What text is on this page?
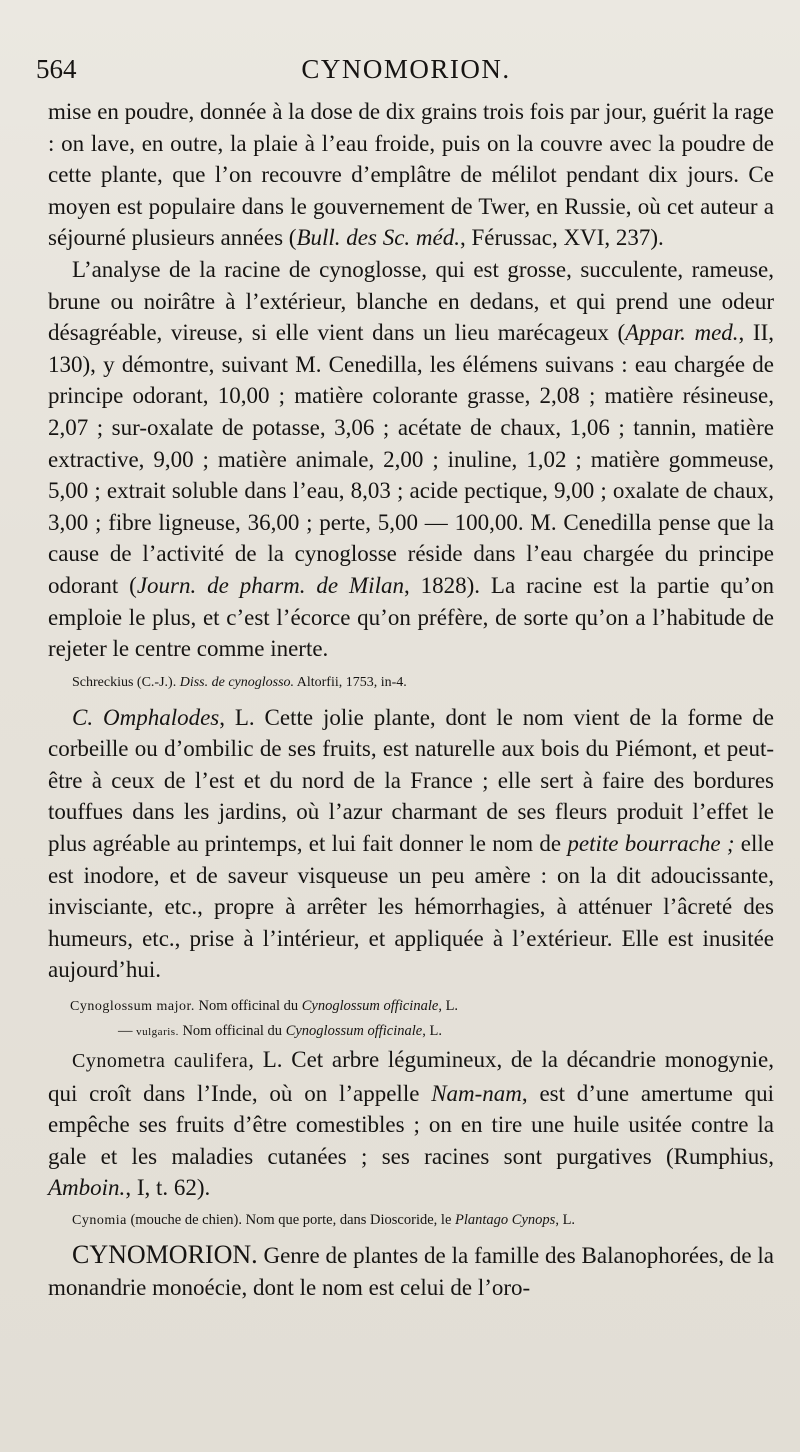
564	CYNOMORION.

mise en poudre, donnée à la dose de dix grains trois fois par jour, guérit la rage : on lave, en outre, la plaie à l’eau froide, puis on la couvre avec la poudre de cette plante, que l’on recouvre d’emplâtre de mélilot pendant dix jours. Ce moyen est populaire dans le gouvernement de Twer, en Russie, où cet auteur a séjourné plusieurs années (Bull. des Sc. méd., Férussac, XVI, 237).

L’analyse de la racine de cynoglosse, qui est grosse, succulente, rameuse, brune ou noirâtre à l’extérieur, blanche en dedans, et qui prend une odeur désagréable, vireuse, si elle vient dans un lieu marécageux (Appar. med., II, 130), y démontre, suivant M. Cenedilla, les élémens suivans : eau chargée de principe odorant, 10,00 ; matière colorante grasse, 2,08 ; matière résineuse, 2,07 ; sur-oxalate de potasse, 3,06 ; acétate de chaux, 1,06 ; tannin, matière extractive, 9,00 ; matière animale, 2,00 ; inuline, 1,02 ; matière gommeuse, 5,00 ; extrait soluble dans l’eau, 8,03 ; acide pectique, 9,00 ; oxalate de chaux, 3,00 ; fibre ligneuse, 36,00 ; perte, 5,00 — 100,00. M. Cenedilla pense que la cause de l’activité de la cynoglosse réside dans l’eau chargée du principe odorant (Journ. de pharm. de Milan, 1828). La racine est la partie qu’on emploie le plus, et c’est l’écorce qu’on préfère, de sorte qu’on a l’habitude de rejeter le centre comme inerte.

Schreckius (C.-J.). Diss. de cynoglosso. Altorfii, 1753, in-4.

C. Omphalodes, L. Cette jolie plante, dont le nom vient de la forme de corbeille ou d’ombilic de ses fruits, est naturelle aux bois du Piémont, et peut-être à ceux de l’est et du nord de la France ; elle sert à faire des bordures touffues dans les jardins, où l’azur charmant de ses fleurs produit l’effet le plus agréable au printemps, et lui fait donner le nom de petite bourrache ; elle est inodore, et de saveur visqueuse un peu amère : on la dit adoucissante, invisciante, etc., propre à arrêter les hémorrhagies, à atténuer l’âcreté des humeurs, etc., prise à l’intérieur, et appliquée à l’extérieur. Elle est inusitée aujourd’hui.

Cynoglossum major. Nom officinal du Cynoglossum officinale, L.

— vulgaris. Nom officinal du Cynoglossum officinale, L.

Cynometra caulifera, L. Cet arbre légumineux, de la décandrie monogynie, qui croît dans l’Inde, où on l’appelle Nam-nam, est d’une amertume qui empêche ses fruits d’être comestibles ; on en tire une huile usitée contre la gale et les maladies cutanées ; ses racines sont purgatives (Rumphius, Amboin., I, t. 62).

Cynomia (mouche de chien). Nom que porte, dans Dioscoride, le Plantago Cynops, L.

CYNOMORION. Genre de plantes de la famille des Balanophorées, de la monandrie monoécie, dont le nom est celui de l’oro-
